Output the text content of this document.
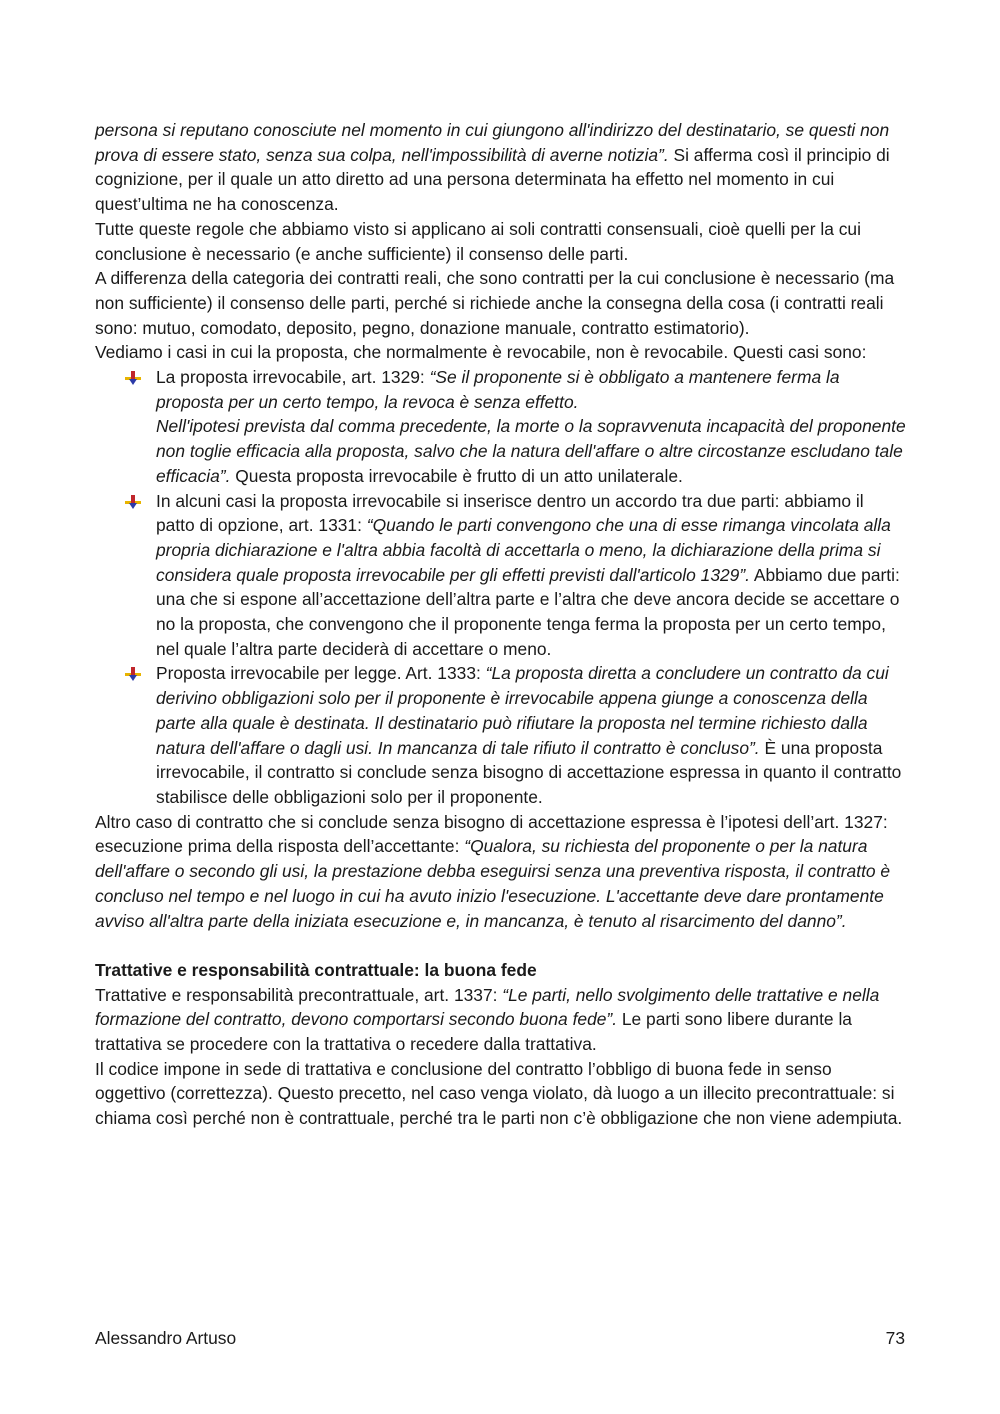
persona si reputano conosciute nel momento in cui giungono all'indirizzo del destinatario, se questi non prova di essere stato, senza sua colpa, nell'impossibilità di averne notizia”. Si afferma così il principio di cognizione, per il quale un atto diretto ad una persona determinata ha effetto nel momento in cui quest’ultima ne ha conoscenza.

Tutte queste regole che abbiamo visto si applicano ai soli contratti consensuali, cioè quelli per la cui conclusione è necessario (e anche sufficiente) il consenso delle parti.

A differenza della categoria dei contratti reali, che sono contratti per la cui conclusione è necessario (ma non sufficiente) il consenso delle parti, perché si richiede anche la consegna della cosa (i contratti reali sono: mutuo, comodato, deposito, pegno, donazione manuale, contratto estimatorio).

Vediamo i casi in cui la proposta, che normalmente è revocabile, non è revocabile. Questi casi sono:

La proposta irrevocabile, art. 1329: “Se il proponente si è obbligato a mantenere ferma la proposta per un certo tempo, la revoca è senza effetto.
Nell'ipotesi prevista dal comma precedente, la morte o la sopravvenuta incapacità del proponente non toglie efficacia alla proposta, salvo che la natura dell'affare o altre circostanze escludano tale efficacia”. Questa proposta irrevocabile è frutto di un atto unilaterale.
In alcuni casi la proposta irrevocabile si inserisce dentro un accordo tra due parti: abbiamo il patto di opzione, art. 1331: “Quando le parti convengono che una di esse rimanga vincolata alla propria dichiarazione e l'altra abbia facoltà di accettarla o meno, la dichiarazione della prima si considera quale proposta irrevocabile per gli effetti previsti dall'articolo 1329”. Abbiamo due parti: una che si espone all’accettazione dell’altra parte e l’altra che deve ancora decide se accettare o no la proposta, che convengono che il proponente tenga ferma la proposta per un certo tempo, nel quale l’altra parte deciderà di accettare o meno.
Proposta irrevocabile per legge. Art. 1333: “La proposta diretta a concludere un contratto da cui derivino obbligazioni solo per il proponente è irrevocabile appena giunge a conoscenza della parte alla quale è destinata. Il destinatario può rifiutare la proposta nel termine richiesto dalla natura dell'affare o dagli usi. In mancanza di tale rifiuto il contratto è concluso”. È una proposta irrevocabile, il contratto si conclude senza bisogno di accettazione espressa in quanto il contratto stabilisce delle obbligazioni solo per il proponente.

Altro caso di contratto che si conclude senza bisogno di accettazione espressa è l’ipotesi dell’art. 1327: esecuzione prima della risposta dell’accettante: “Qualora, su richiesta del proponente o per la natura dell'affare o secondo gli usi, la prestazione debba eseguirsi senza una preventiva risposta, il contratto è concluso nel tempo e nel luogo in cui ha avuto inizio l'esecuzione. L'accettante deve dare prontamente avviso all'altra parte della iniziata esecuzione e, in mancanza, è tenuto al risarcimento del danno”.

Trattative e responsabilità contrattuale: la buona fede

Trattative e responsabilità precontrattuale, art. 1337: “Le parti, nello svolgimento delle trattative e nella formazione del contratto, devono comportarsi secondo buona fede”. Le parti sono libere durante la trattativa se procedere con la trattativa o recedere dalla trattativa.

Il codice impone in sede di trattativa e conclusione del contratto l’obbligo di buona fede in senso oggettivo (correttezza). Questo precetto, nel caso venga violato, dà luogo a un illecito precontrattuale: si chiama così perché non è contrattuale, perché tra le parti non c’è obbligazione che non viene adempiuta.

Alessandro Artuso	73
